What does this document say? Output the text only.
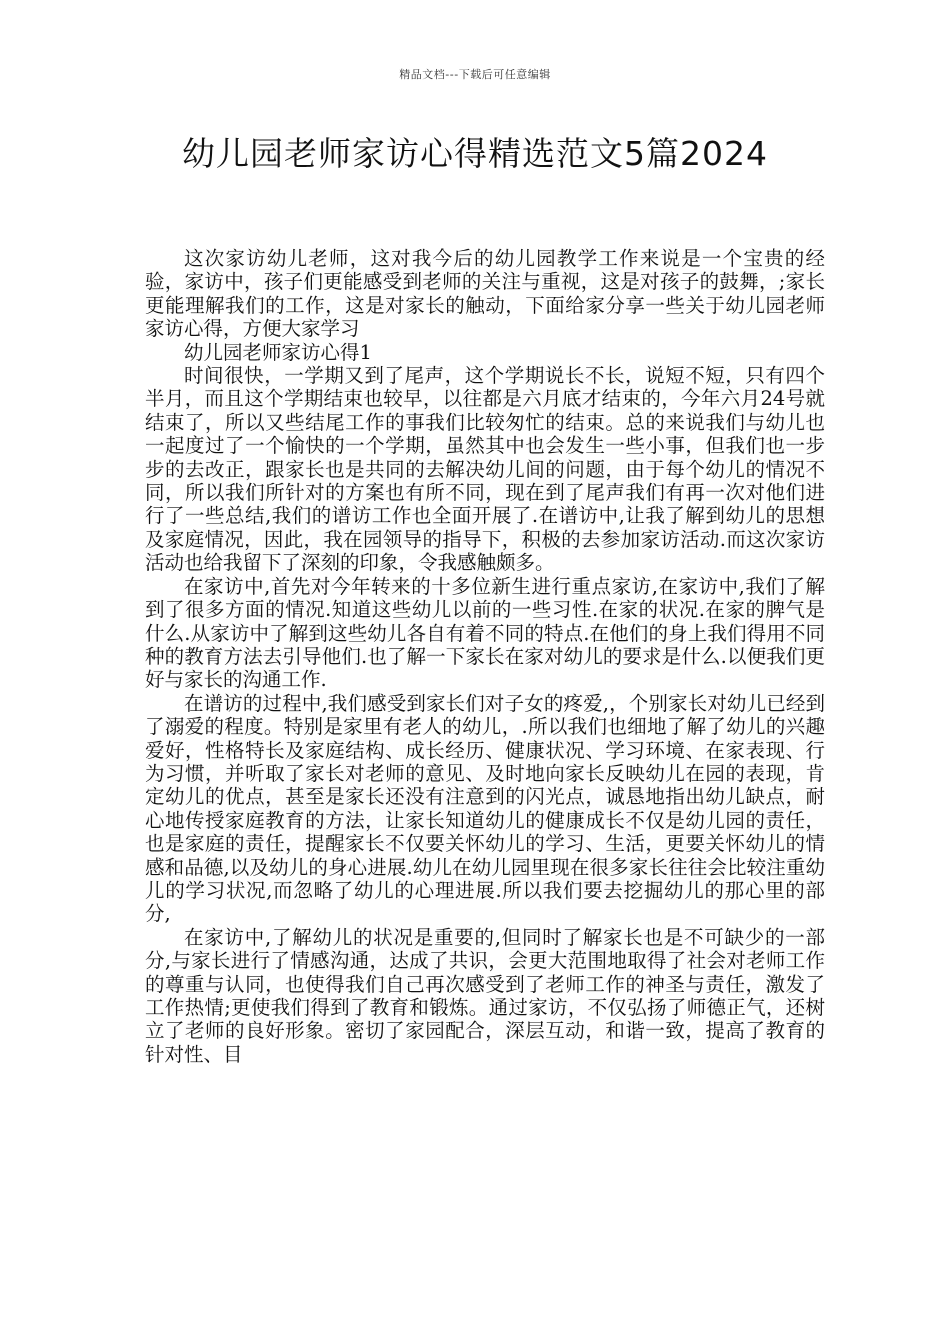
精品文档---下载后可任意编辑
幼儿园老师家访心得精选范文5篇2024

这次家访幼儿老师，这对我今后的幼儿园教学工作来说是一个宝贵的经验，家访中，孩子们更能感受到老师的关注与重视，这是对孩子的鼓舞，;家长更能理解我们的工作，这是对家长的触动，下面给家分享一些关于幼儿园老师家访心得，方便大家学习

幼儿园老师家访心得1

时间很快，一学期又到了尾声，这个学期说长不长，说短不短，只有四个半月，而且这个学期结束也较早，以往都是六月底才结束的，今年六月24号就结束了，所以又些结尾工作的事我们比较匆忙的结束。总的来说我们与幼儿也一起度过了一个愉快的一个学期，虽然其中也会发生一些小事，但我们也一步步的去改正，跟家长也是共同的去解决幼儿间的问题，由于每个幼儿的情况不同，所以我们所针对的方案也有所不同，现在到了尾声我们有再一次对他们进行了一些总结,我们的谱访工作也全面开展了.在谱访中,让我了解到幼儿的思想及家庭情况，因此，我在园领导的指导下，积极的去参加家访活动.而这次家访活动也给我留下了深刻的印象，令我感触颇多。

在家访中,首先对今年转来的十多位新生进行重点家访,在家访中,我们了解到了很多方面的情况.知道这些幼儿以前的一些习性.在家的状况.在家的脾气是什么.从家访中了解到这些幼儿各自有着不同的特点.在他们的身上我们得用不同种的教育方法去引导他们.也了解一下家长在家对幼儿的要求是什么.以便我们更好与家长的沟通工作.

在谱访的过程中,我们感受到家长们对子女的疼爱,，个别家长对幼儿已经到了溺爱的程度。特别是家里有老人的幼儿，.所以我们也细地了解了幼儿的兴趣爱好，性格特长及家庭结构、成长经历、健康状况、学习环境、在家表现、行为习惯，并听取了家长对老师的意见、及时地向家长反映幼儿在园的表现，肯定幼儿的优点，甚至是家长还没有注意到的闪光点，诚恳地指出幼儿缺点，耐心地传授家庭教育的方法，让家长知道幼儿的健康成长不仅是幼儿园的责任，也是家庭的责任，提醒家长不仅要关怀幼儿的学习、生活，更要关怀幼儿的情感和品德,以及幼儿的身心进展.幼儿在幼儿园里现在很多家长往往会比较注重幼儿的学习状况,而忽略了幼儿的心理进展.所以我们要去挖掘幼儿的那心里的部分,

在家访中,了解幼儿的状况是重要的,但同时了解家长也是不可缺少的一部分,与家长进行了情感沟通，达成了共识，会更大范围地取得了社会对老师工作的尊重与认同，也使得我们自己再次感受到了老师工作的神圣与责任，激发了工作热情;更使我们得到了教育和锻炼。通过家访，不仅弘扬了师德正气，还树立了老师的良好形象。密切了家园配合，深层互动，和谐一致，提高了教育的针对性、目
